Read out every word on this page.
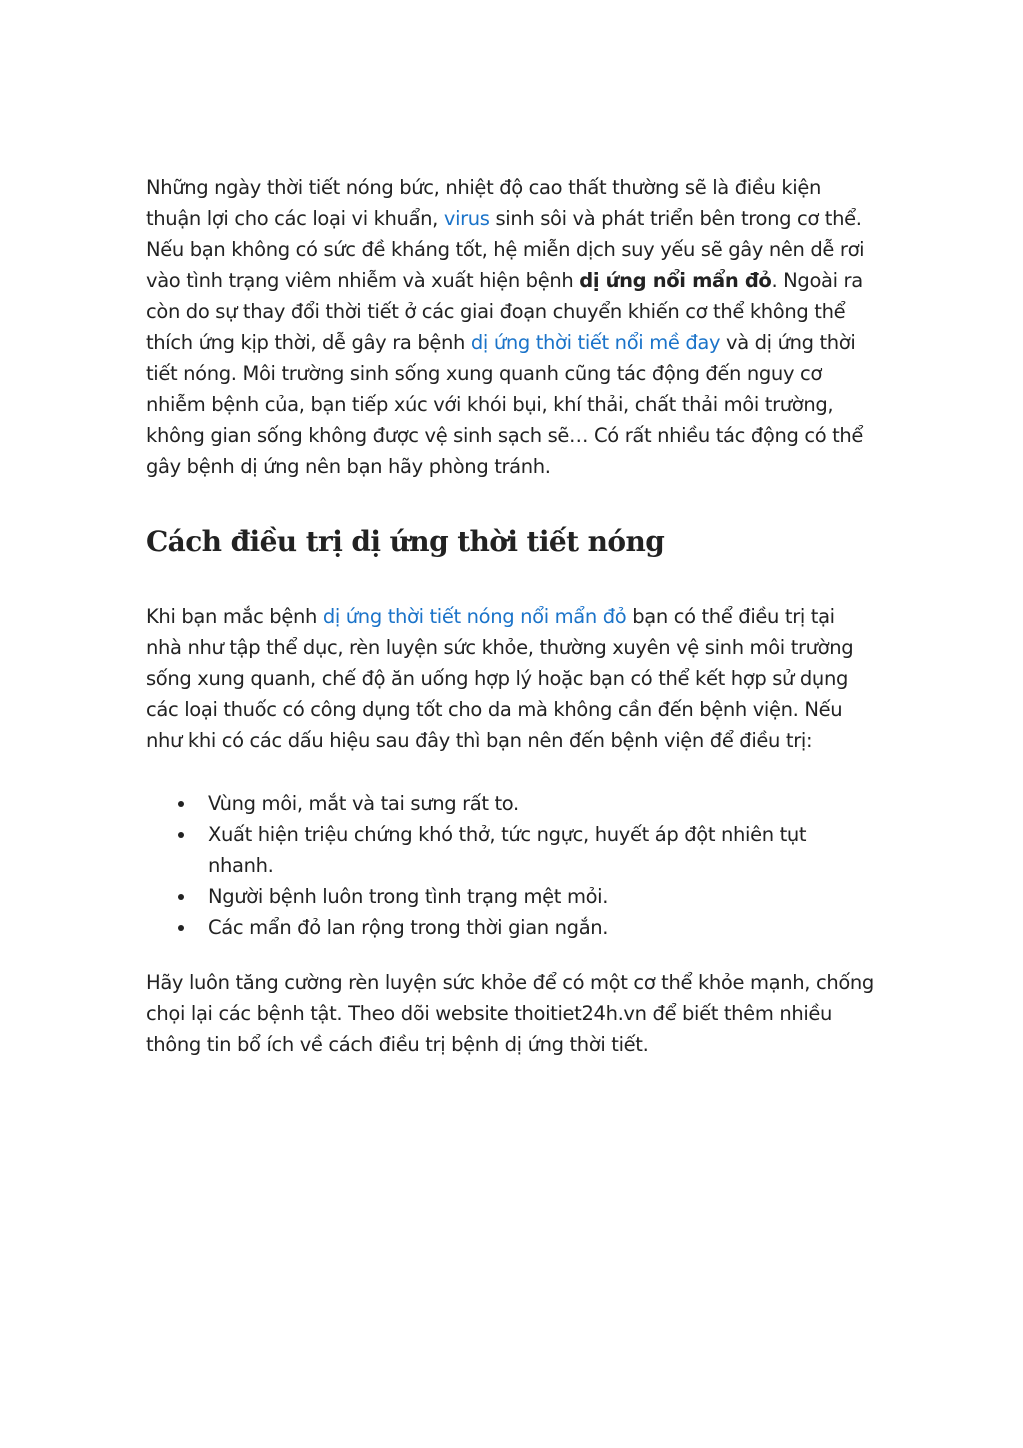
Những ngày thời tiết nóng bức, nhiệt độ cao thất thường sẽ là điều kiện thuận lợi cho các loại vi khuẩn, virus sinh sôi và phát triển bên trong cơ thể. Nếu bạn không có sức đề kháng tốt, hệ miễn dịch suy yếu sẽ gây nên dễ rơi vào tình trạng viêm nhiễm và xuất hiện bệnh dị ứng nổi mẩn đỏ. Ngoài ra còn do sự thay đổi thời tiết ở các giai đoạn chuyển khiến cơ thể không thể thích ứng kịp thời, dễ gây ra bệnh dị ứng thời tiết nổi mề đay và dị ứng thời tiết nóng. Môi trường sinh sống xung quanh cũng tác động đến nguy cơ nhiễm bệnh của, bạn tiếp xúc với khói bụi, khí thải, chất thải môi trường, không gian sống không được vệ sinh sạch sẽ… Có rất nhiều tác động có thể gây bệnh dị ứng nên bạn hãy phòng tránh.

Cách điều trị dị ứng thời tiết nóng

Khi bạn mắc bệnh dị ứng thời tiết nóng nổi mẩn đỏ bạn có thể điều trị tại nhà như tập thể dục, rèn luyện sức khỏe, thường xuyên vệ sinh môi trường sống xung quanh, chế độ ăn uống hợp lý hoặc bạn có thể kết hợp sử dụng các loại thuốc có công dụng tốt cho da mà không cần đến bệnh viện. Nếu như khi có các dấu hiệu sau đây thì bạn nên đến bệnh viện để điều trị:

Vùng môi, mắt và tai sưng rất to.
Xuất hiện triệu chứng khó thở, tức ngực, huyết áp đột nhiên tụt nhanh.
Người bệnh luôn trong tình trạng mệt mỏi.
Các mẩn đỏ lan rộng trong thời gian ngắn.

Hãy luôn tăng cường rèn luyện sức khỏe để có một cơ thể khỏe mạnh, chống chọi lại các bệnh tật. Theo dõi website thoitiet24h.vn để biết thêm nhiều thông tin bổ ích về cách điều trị bệnh dị ứng thời tiết.
